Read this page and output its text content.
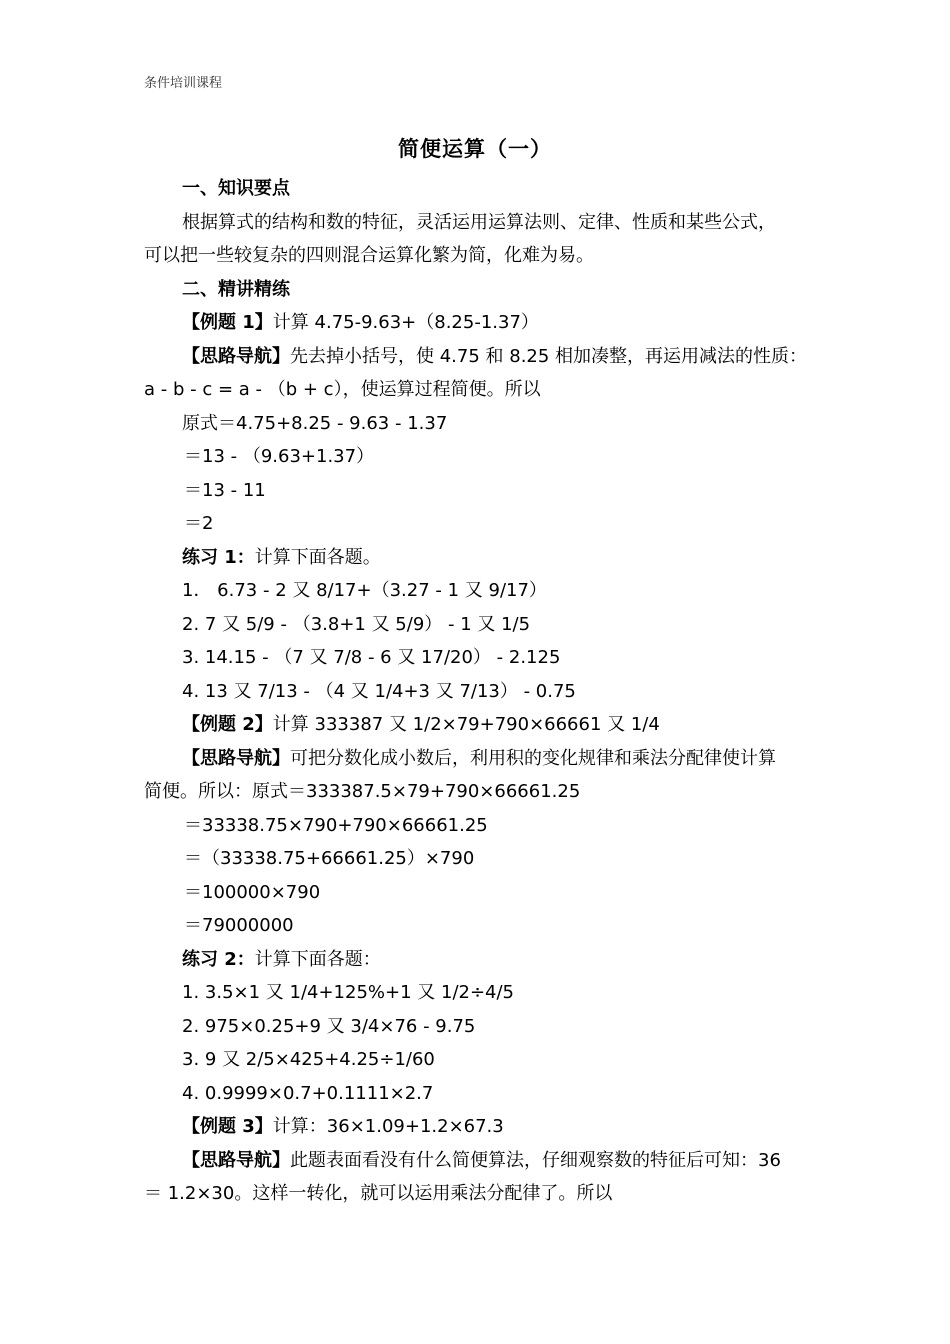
条件培训课程
简便运算（一）
一、知识要点
根据算式的结构和数的特征，灵活运用运算法则、定律、性质和某些公式，
可以把一些较复杂的四则混合运算化繁为简，化难为易。
二、精讲精练
【例题 1】计算 4.75-9.63+（8.25-1.37）
【思路导航】先去掉小括号，使 4.75 和 8.25 相加凑整，再运用减法的性质：
a - b - c = a - （b + c），使运算过程简便。所以
原式＝4.75+8.25 - 9.63 - 1.37
＝13 - （9.63+1.37）
＝13 - 11
＝2
练习 1：计算下面各题。
1． 6.73 - 2 又 8/17+（3.27 - 1 又 9/17）
2. 7 又 5/9 - （3.8+1 又 5/9） - 1 又 1/5
3. 14.15 - （7 又 7/8 - 6 又 17/20） - 2.125
4. 13 又 7/13 - （4 又 1/4+3 又 7/13） - 0.75
【例题 2】计算 333387 又 1/2×79+790×66661 又 1/4
【思路导航】可把分数化成小数后，利用积的变化规律和乘法分配律使计算
简便。所以：原式＝333387.5×79+790×66661.25
＝33338.75×790+790×66661.25
＝（33338.75+66661.25）×790
＝100000×790
＝79000000
练习 2：计算下面各题：
1. 3.5×1 又 1/4+125%+1 又 1/2÷4/5
2. 975×0.25+9 又 3/4×76 - 9.75
3. 9 又 2/5×425+4.25÷1/60
4. 0.9999×0.7+0.1111×2.7
【例题 3】计算：36×1.09+1.2×67.3
【思路导航】此题表面看没有什么简便算法，仔细观察数的特征后可知：36
＝ 1.2×30。这样一转化，就可以运用乘法分配律了。所以
